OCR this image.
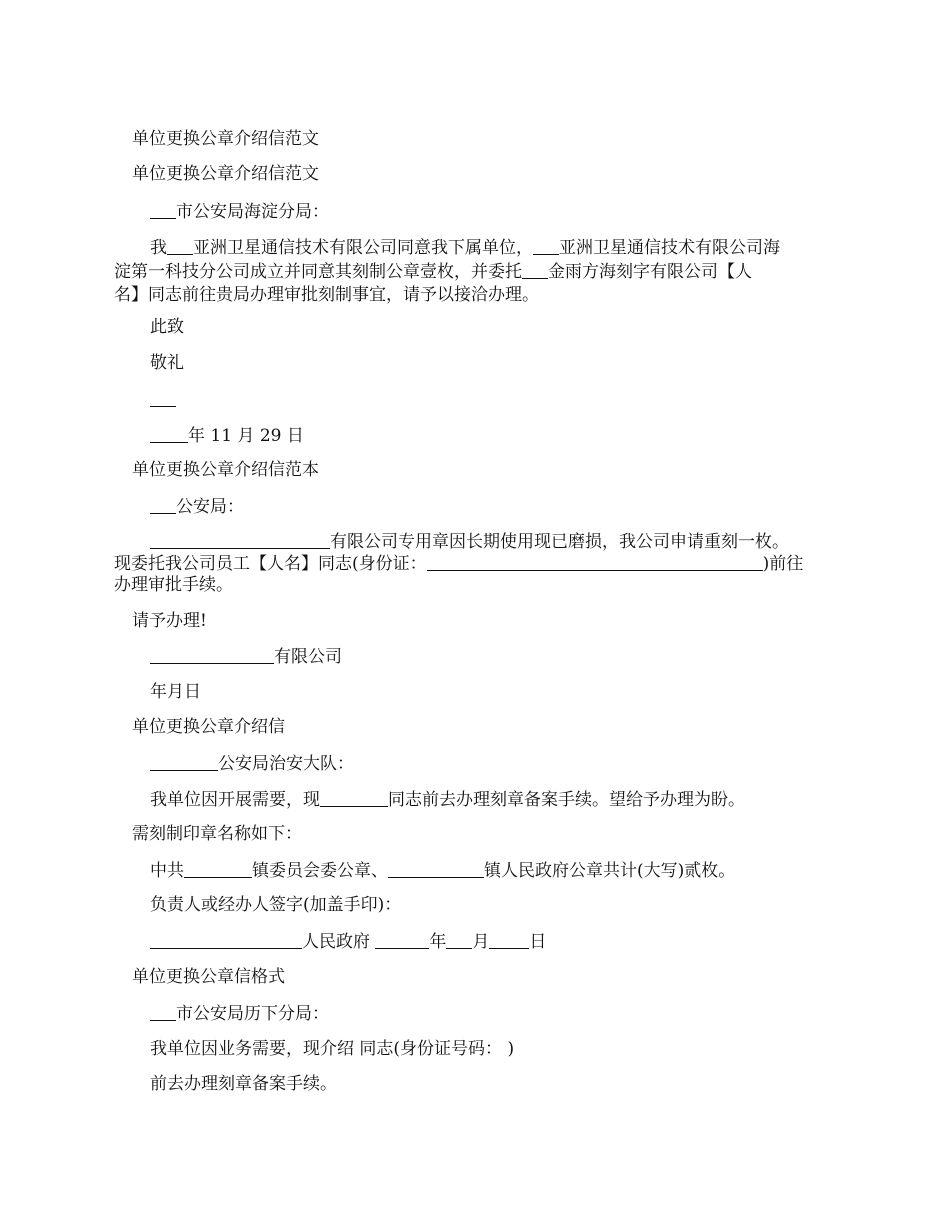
单位更换公章介绍信范文
单位更换公章介绍信范文
市公安局海淀分局：
我 亚洲卫星通信技术有限公司同意我下属单位， 亚洲卫星通信技术有限公司海
淀第一科技分公司成立并同意其刻制公章壹枚，并委托 金雨方海刻字有限公司【人
名】同志前往贵局办理审批刻制事宜，请予以接洽办理。
此致
敬礼
年 11 月 29 日
单位更换公章介绍信范本
公安局：
有限公司专用章因长期使用现已磨损，我公司申请重刻一枚。
现委托我公司员工【人名】同志(身份证：	)前往
办理审批手续。
请予办理!
有限公司
年月日
单位更换公章介绍信
公安局治安大队：
我单位因开展需要，现	同志前去办理刻章备案手续。望给予办理为盼。
需刻制印章名称如下：
中共	镇委员会委公章、	镇人民政府公章共计(大写)贰枚。
负责人或经办人签字(加盖手印)：
人民政府	年 月 日
单位更换公章信格式
市公安局历下分局：
我单位因业务需要，现介绍 同志(身份证号码： )
前去办理刻章备案手续。
